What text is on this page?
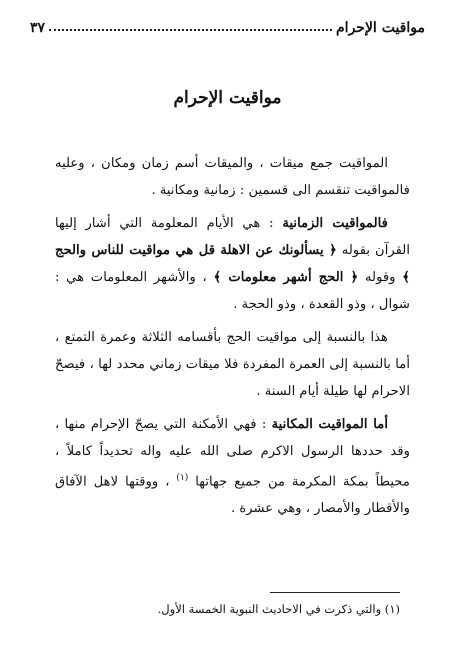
مواقيت الإحرام
٣٧
مواقيت الإحرام

المواقيت جمع ميقات ، والميقات أسم زمان ومكان ، وعليه فالمواقيت تنقسم الى قسمين : زمانية ومكانية .

فالمواقيت الزمانية : هي الأيام المعلومة التي أشار إليها القرآن بقوله ﴿ يسألونك عن الاهلة قل هي مواقيت للناس والحج ﴾ وقوله ﴿ الحج أشهر معلومات ﴾ ، والأشهر المعلومات هي : شوال ، وذو القعدة ، وذو الحجة .

هذا بالنسبة إلى مواقيت الحج بأقسامه الثلاثة وعمرة التمتع ، أما بالنسبة إلى العمرة المفردة فلا ميقات زماني محدد لها ، فيصحّ الاحرام لها طيلة أيام السنة .

أما المواقيت المكانية : فهي الأمكنة التي يصحّ الإحرام منها ، وقد حددها الرسول الاكرم صلى الله عليه واله تحديداً كاملاً ، محيطاً بمكة المكرمة من جميع جهاتها $^{(١)}$ ، ووقتها لاهل الآفاق والأقطار والأمصار ، وهي عشرة .

(١) والتي ذكرت في الاحاديث النبوية الخمسة الأول.
